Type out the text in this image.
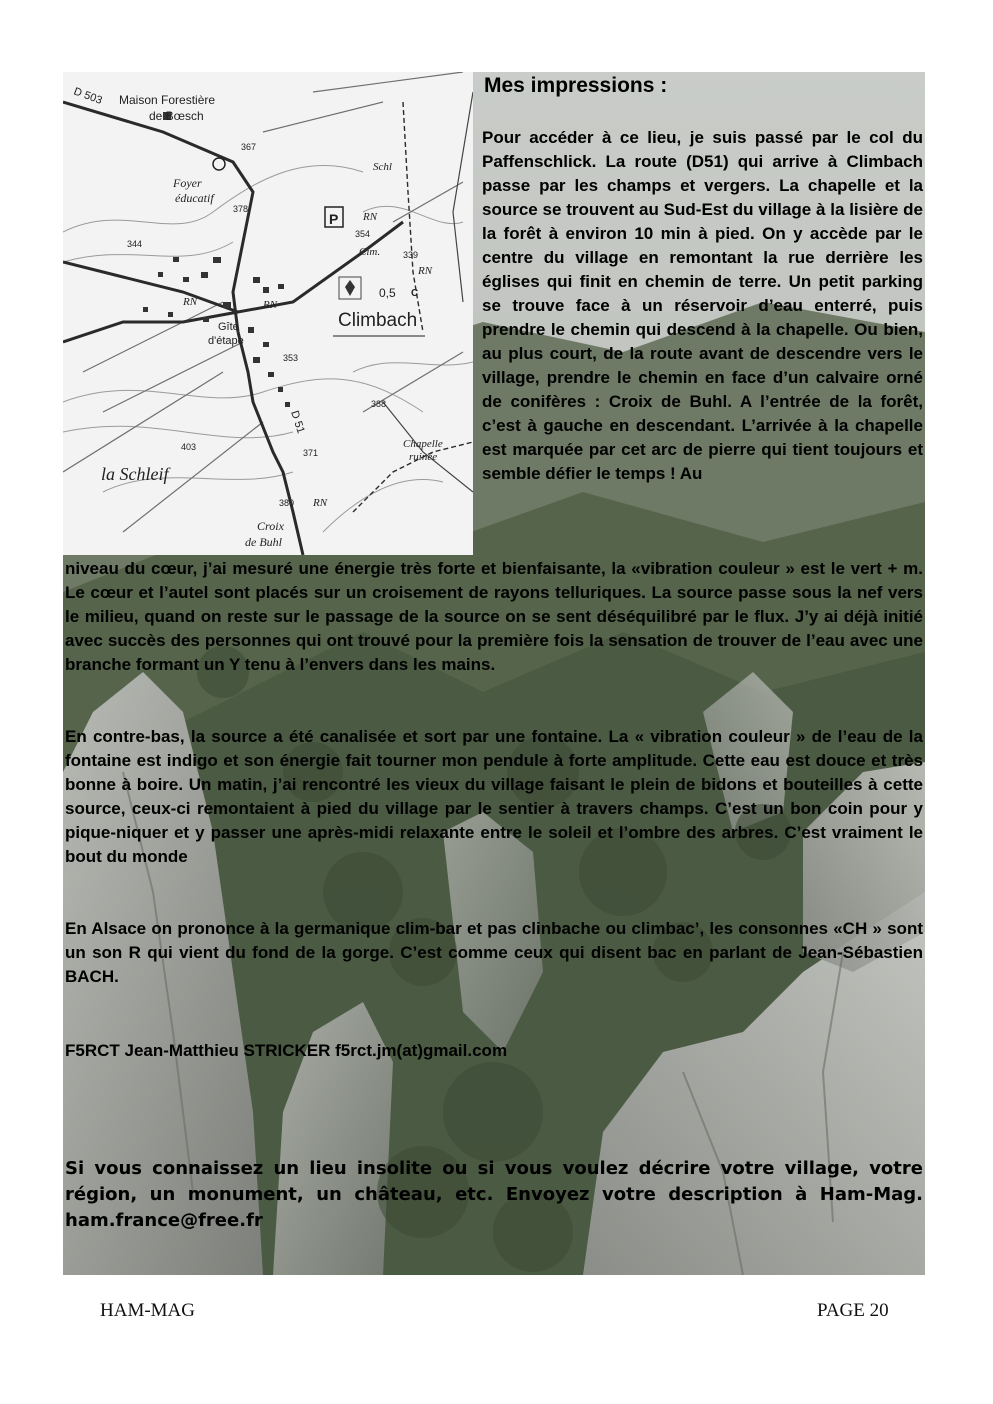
D 503 Maison Forestière
de Bœsch
367
Foyer
éducatif
378
P RN
354
Schl
Cim.
344
339
RN
RN
0,5 C
RN
Gîte
d'étape
Climbach
353
D 51
388
403
371
Chapelle
ruinée
la Schleif
380 RN
Croix
de Buhl
Mes impressions :

Pour accéder à ce lieu, je suis passé par le col du Paffenschlick. La route (D51) qui arrive à Climbach passe par les champs et vergers. La chapelle et la source se trouvent au Sud-Est du village à la lisière de la forêt à environ 10 min à pied. On y accède par le centre du village en remontant la rue derrière les églises qui finit en chemin de terre. Un petit parking se trouve face à un réservoir d’eau enterré, puis prendre le chemin qui descend à la chapelle. Ou bien, au plus court, de la route avant de descendre vers le village, prendre le chemin en face d’un calvaire orné de conifères : Croix de Buhl. A l’entrée de la forêt, c’est à gauche en descendant. L’arrivée à la chapelle est marquée par cet arc de pierre qui tient toujours et semble défier le temps ! Au

niveau du cœur, j’ai mesuré une énergie très forte et bienfaisante, la «vibration couleur » est le vert + m. Le cœur et l’autel sont placés sur un croisement de rayons telluriques. La source passe sous la nef vers le milieu, quand on reste sur le passage de la source on se sent déséquilibré par le flux. J’y ai déjà initié avec succès des personnes qui ont trouvé pour la première fois la sensation de trouver de l’eau avec une branche formant un Y tenu à l’envers dans les mains.

En contre-bas, la source a été canalisée et sort par une fontaine. La « vibration couleur » de l’eau de la fontaine est indigo et son énergie fait tourner mon pendule à forte amplitude. Cette eau est douce et très bonne à boire. Un matin, j’ai rencontré les vieux du village faisant le plein de bidons et bouteilles à cette source, ceux-ci remontaient à pied du village par le sentier à travers champs. C’est un bon coin pour y pique-niquer et y passer une après-midi relaxante entre le soleil et l’ombre des arbres. C’est vraiment le bout du monde

En Alsace on prononce à la germanique clim-bar et pas clinbache ou climbac’, les consonnes «CH » sont un son R qui vient du fond de la gorge. C’est comme ceux qui disent bac en parlant de Jean-Sébastien BACH.

F5RCT Jean-Matthieu STRICKER f5rct.jm(at)gmail.com

Si vous connaissez un lieu insolite ou si vous voulez décrire votre village, votre région, un monument, un château, etc. Envoyez votre description à Ham-Mag. ham.france@free.fr

HAM-MAG	PAGE 20
